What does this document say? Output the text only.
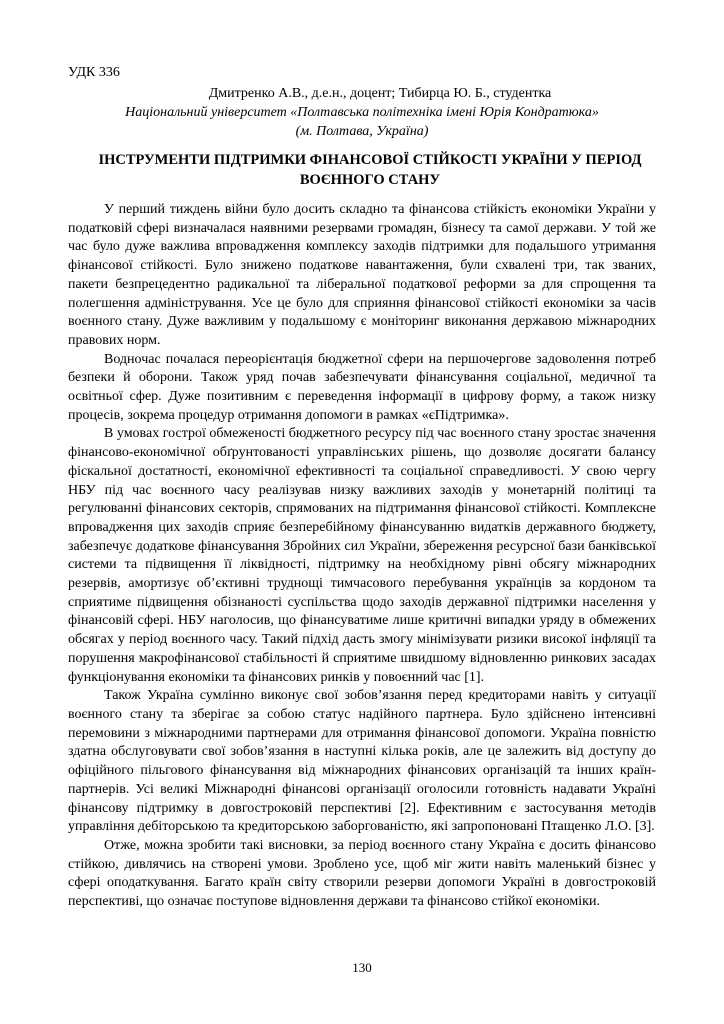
УДК 336
Дмитренко А.В., д.е.н., доцент; Тибирца Ю. Б., студентка
Національний університет «Полтавська політехніка імені Юрія Кондратюка»
(м. Полтава, Україна)
ІНСТРУМЕНТИ ПІДТРИМКИ ФІНАНСОВОЇ СТІЙКОСТІ УКРАЇНИ У ПЕРІОД ВОЄННОГО СТАНУ

У перший тиждень війни було досить складно та фінансова стійкість економіки України у податковій сфері визначалася наявними резервами громадян, бізнесу та самої держави. У той же час було дуже важлива впровадження комплексу заходів підтримки для подальшого утримання фінансової стійкості. Було знижено податкове навантаження, були схвалені три, так званих, пакети безпрецедентно радикальної та ліберальної податкової реформи за для спрощення та полегшення адміністрування. Усе це було для сприяння фінансової стійкості економіки за часів воєнного стану. Дуже важливим у подальшому є моніторинг виконання державою міжнародних правових норм.

Водночас почалася переорієнтація бюджетної сфери на першочергове задоволення потреб безпеки й оборони. Також уряд почав забезпечувати фінансування соціальної, медичної та освітньої сфер. Дуже позитивним є переведення інформації в цифрову форму, а також низку процесів, зокрема процедур отримання допомоги в рамках «єПідтримка».

В умовах гострої обмеженості бюджетного ресурсу під час воєнного стану зростає значення фінансово-економічної обґрунтованості управлінських рішень, що дозволяє досягати балансу фіскальної достатності, економічної ефективності та соціальної справедливості. У свою чергу НБУ під час воєнного часу реалізував низку важливих заходів у монетарній політиці та регулюванні фінансових секторів, спрямованих на підтримання фінансової стійкості. Комплексне впровадження цих заходів сприяє безперебійному фінансуванню видатків державного бюджету, забезпечує додаткове фінансування Збройних сил України, збереження ресурсної бази банківської системи та підвищення її ліквідності, підтримку на необхідному рівні обсягу міжнародних резервів, амортизує об’єктивні труднощі тимчасового перебування українців за кордоном та сприятиме підвищення обізнаності суспільства щодо заходів державної підтримки населення у фінансовій сфері. НБУ наголосив, що фінансуватиме лише критичні випадки уряду в обмежених обсягах у період воєнного часу. Такий підхід дасть змогу мінімізувати ризики високої інфляції та порушення макрофінансової стабільності й сприятиме швидшому відновленню ринкових засадах функціонування економіки та фінансових ринків у повоєнний час [1].

Також Україна сумлінно виконує свої зобов’язання перед кредиторами навіть у ситуації воєнного стану та зберігає за собою статус надійного партнера. Було здійснено інтенсивні перемовини з міжнародними партнерами для отримання фінансової допомоги. Україна повністю здатна обслуговувати свої зобов’язання в наступні кілька років, але це залежить від доступу до офіційного пільгового фінансування від міжнародних фінансових організацій та інших країн-партнерів. Усі великі Міжнародні фінансові організації оголосили готовність надавати Україні фінансову підтримку в довгостроковій перспективі [2]. Ефективним є застосування методів управління дебіторською та кредиторською заборгованістю, які запропоновані Птащенко Л.О. [3].

Отже, можна зробити такі висновки, за період воєнного стану Україна є досить фінансово стійкою, дивлячись на створені умови. Зроблено усе, щоб міг жити навіть маленький бізнес у сфері оподаткування. Багато країн світу створили резерви допомоги Україні в довгостроковій перспективі, що означає поступове відновлення держави та фінансово стійкої економіки.

130
